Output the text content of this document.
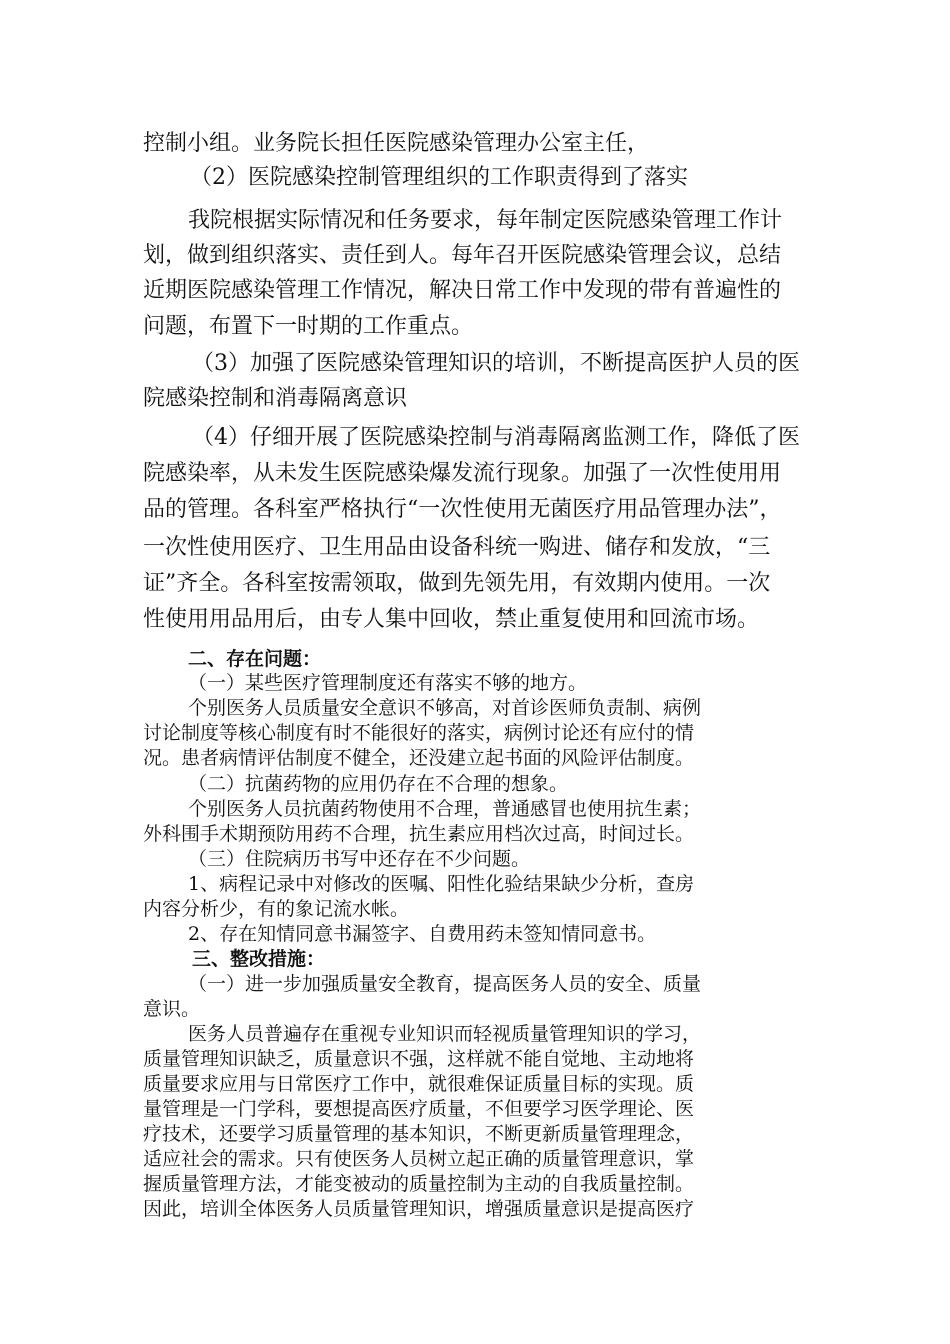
控制小组。业务院长担任医院感染管理办公室主任，
（2）医院感染控制管理组织的工作职责得到了落实
我院根据实际情况和任务要求，每年制定医院感染管理工作计
划，做到组织落实、责任到人。每年召开医院感染管理会议，总结
近期医院感染管理工作情况，解决日常工作中发现的带有普遍性的
问题，布置下一时期的工作重点。
（3）加强了医院感染管理知识的培训，不断提高医护人员的医
院感染控制和消毒隔离意识
（4）仔细开展了医院感染控制与消毒隔离监测工作，降低了医
院感染率，从未发生医院感染爆发流行现象。加强了一次性使用用
品的管理。各科室严格执行“一次性使用无菌医疗用品管理办法”，
一次性使用医疗、卫生用品由设备科统一购进、储存和发放，“三
证”齐全。各科室按需领取，做到先领先用，有效期内使用。一次
性使用用品用后，由专人集中回收，禁止重复使用和回流市场。
二、存在问题：
（一）某些医疗管理制度还有落实不够的地方。
个别医务人员质量安全意识不够高，对首诊医师负责制、病例
讨论制度等核心制度有时不能很好的落实，病例讨论还有应付的情
况。患者病情评估制度不健全，还没建立起书面的风险评估制度。
（二）抗菌药物的应用仍存在不合理的想象。
个别医务人员抗菌药物使用不合理，普通感冒也使用抗生素；
外科围手术期预防用药不合理，抗生素应用档次过高，时间过长。
（三）住院病历书写中还存在不少问题。
1、病程记录中对修改的医嘱、阳性化验结果缺少分析，查房
内容分析少，有的象记流水帐。
2、存在知情同意书漏签字、自费用药未签知情同意书。
三、整改措施：
（一）进一步加强质量安全教育，提高医务人员的安全、质量
意识。
医务人员普遍存在重视专业知识而轻视质量管理知识的学习，
质量管理知识缺乏，质量意识不强，这样就不能自觉地、主动地将
质量要求应用与日常医疗工作中，就很难保证质量目标的实现。质
量管理是一门学科，要想提高医疗质量，不但要学习医学理论、医
疗技术，还要学习质量管理的基本知识，不断更新质量管理理念，
适应社会的需求。只有使医务人员树立起正确的质量管理意识，掌
握质量管理方法，才能变被动的质量控制为主动的自我质量控制。
因此，培训全体医务人员质量管理知识，增强质量意识是提高医疗
